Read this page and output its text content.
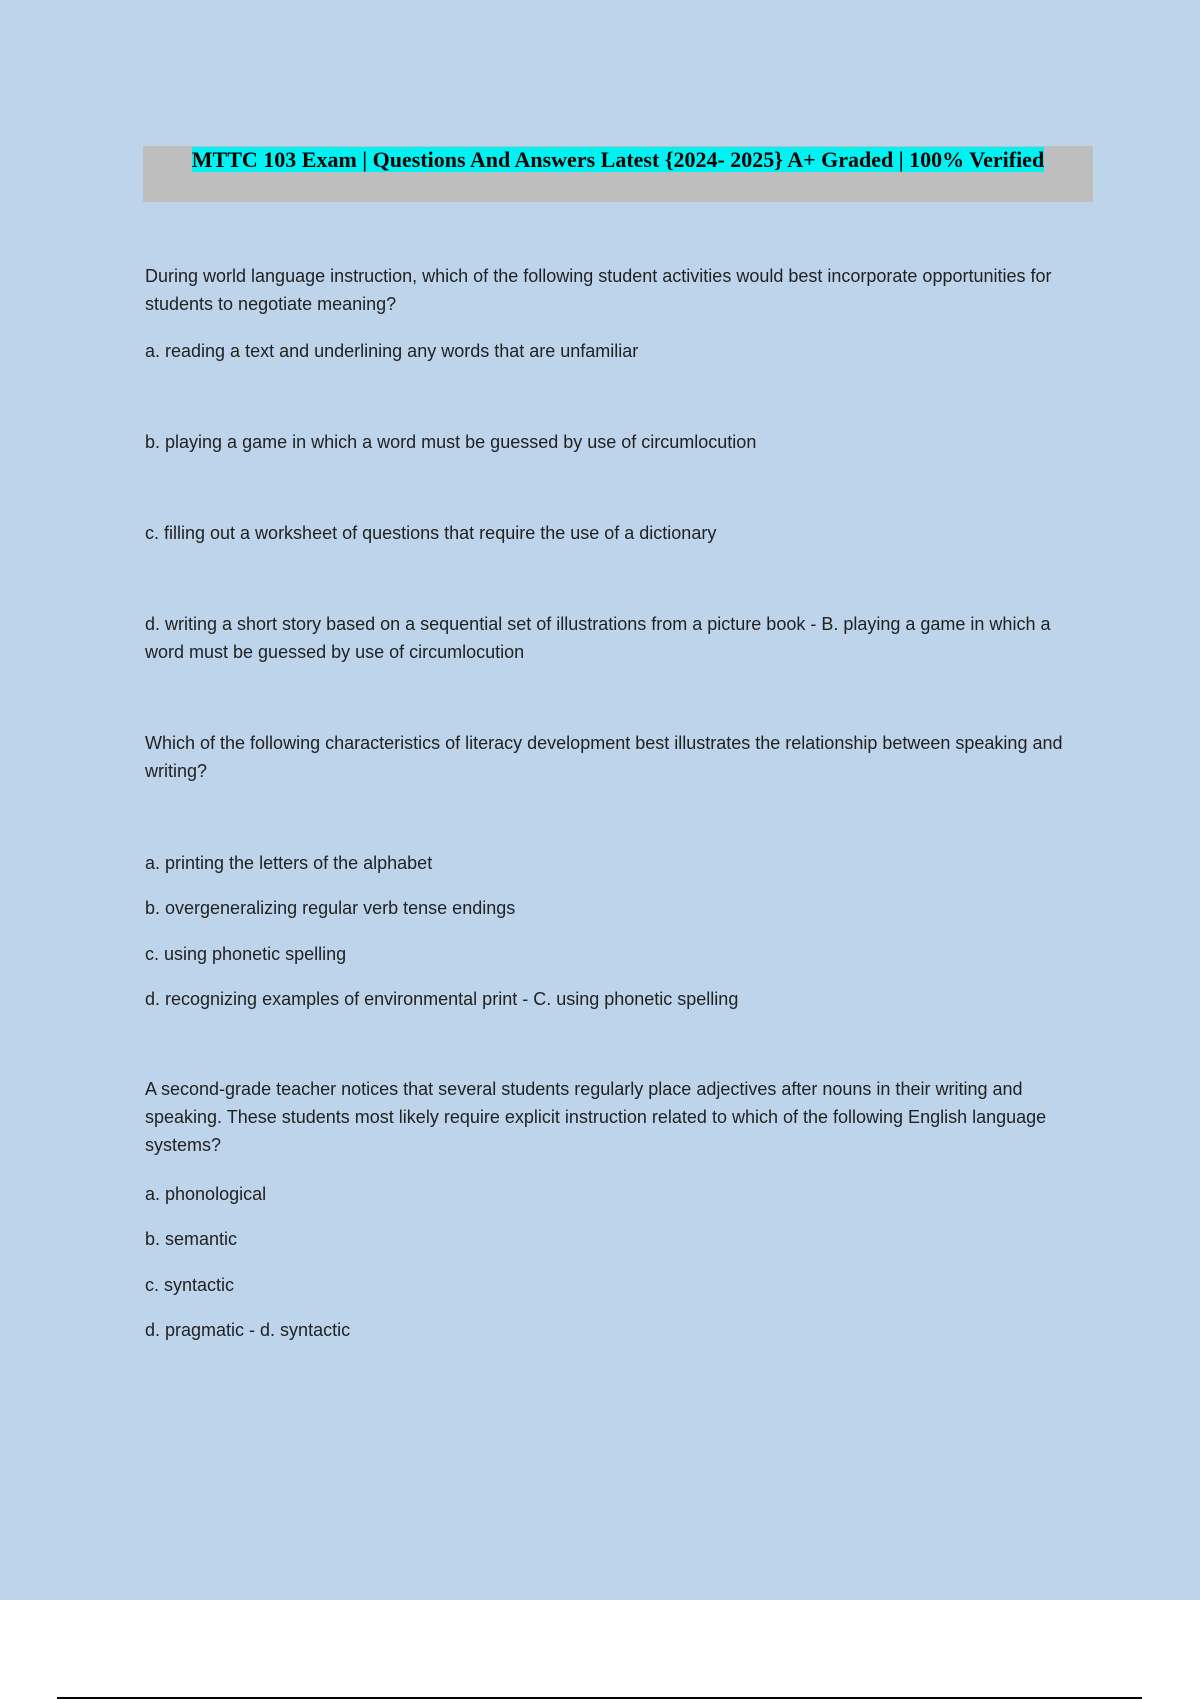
MTTC 103 Exam | Questions And Answers Latest {2024- 2025} A+ Graded | 100% Verified
During world language instruction, which of the following student activities would best incorporate opportunities for students to negotiate meaning?
a. reading a text and underlining any words that are unfamiliar
b. playing a game in which a word must be guessed by use of circumlocution
c. filling out a worksheet of questions that require the use of a dictionary
d. writing a short story based on a sequential set of illustrations from a picture book - B. playing a game in which a word must be guessed by use of circumlocution
Which of the following characteristics of literacy development best illustrates the relationship between speaking and writing?
a. printing the letters of the alphabet
b. overgeneralizing regular verb tense endings
c. using phonetic spelling
d. recognizing examples of environmental print - C. using phonetic spelling
A second-grade teacher notices that several students regularly place adjectives after nouns in their writing and speaking. These students most likely require explicit instruction related to which of the following English language systems?
a. phonological
b. semantic
c. syntactic
d. pragmatic - d. syntactic
